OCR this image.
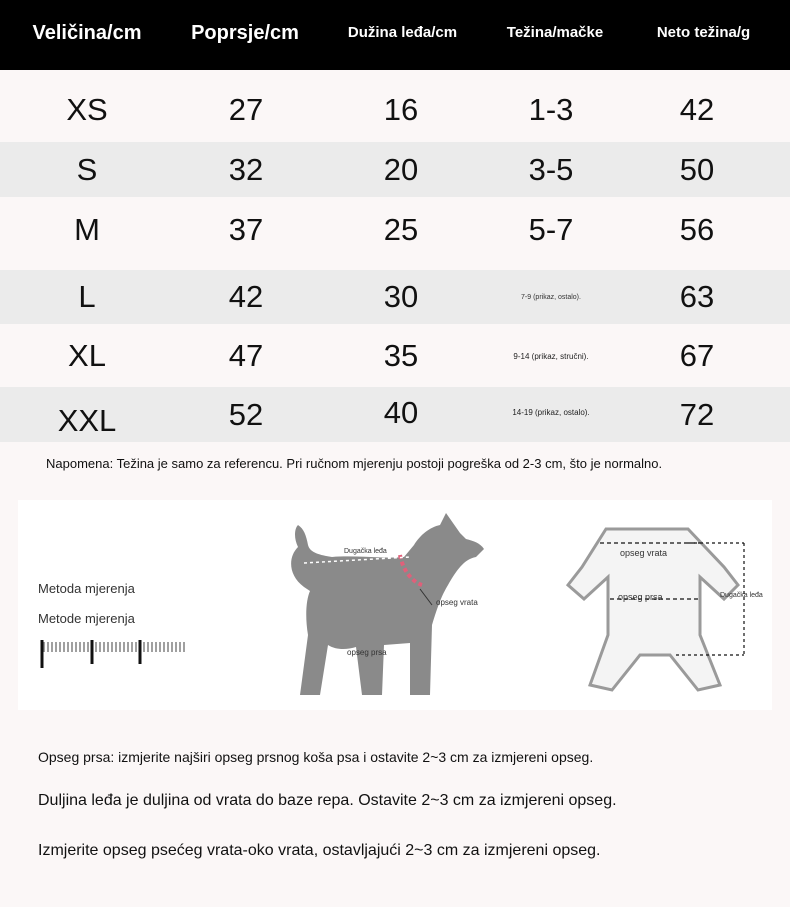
Veličina/cm	Poprsje/cm	Dužina leđa/cm	Težina/mačke	Neto težina/g
XS	27	16	1-3	42
S	32	20	3-5	50
M	37	25	5-7	56
L	42	30	7-9 (prikaz, ostalo).	63
XL	47	35	9-14 (prikaz, stručni).	67
XXL	52	40	14-19 (prikaz, ostalo).	72
Napomena: Težina je samo za referencu. Pri ručnom mjerenju postoji pogreška od 2-3 cm, što je normalno.
Metoda mjerenja
Metode mjerenja
Dugačka leđa
opseg vrata
opseg prsa
opseg vrata
opseg prsa	Dugačka leđa
Opseg prsa: izmjerite najširi opseg prsnog koša psa i ostavite 2~3 cm za izmjereni opseg.
Duljina leđa je duljina od vrata do baze repa. Ostavite 2~3 cm za izmjereni opseg.
Izmjerite opseg psećeg vrata-oko vrata, ostavljajući 2~3 cm za izmjereni opseg.
